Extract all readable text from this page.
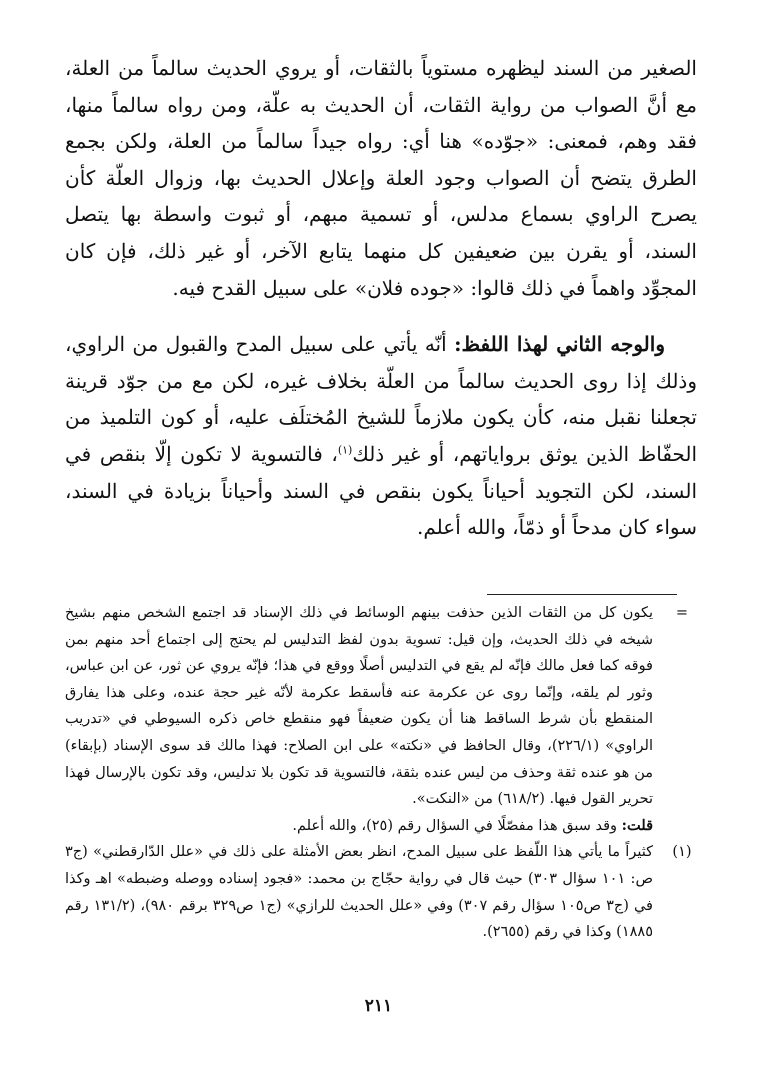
الصغير من السند ليظهره مستوياً بالثقات، أو يروي الحديث سالماً من العلة، مع أنَّ الصواب من رواية الثقات، أن الحديث به علّة، ومن رواه سالماً منها، فقد وهم، فمعنى: «جوّده» هنا أي: رواه جيداً سالماً من العلة، ولكن بجمع الطرق يتضح أن الصواب وجود العلة وإعلال الحديث بها، وزوال العلّة كأن يصرح الراوي بسماع مدلس، أو تسمية مبهم، أو ثبوت واسطة بها يتصل السند، أو يقرن بين ضعيفين كل منهما يتابع الآخر، أو غير ذلك، فإن كان المجوِّد واهماً في ذلك قالوا: «جوده فلان» على سبيل القدح فيه.

والوجه الثاني لهذا اللفظ: أنّه يأتي على سبيل المدح والقبول من الراوي، وذلك إذا روى الحديث سالماً من العلّة بخلاف غيره، لكن مع من جوّد قرينة تجعلنا نقبل منه، كأن يكون ملازماً للشيخ المُختلَف عليه، أو كون التلميذ من الحفّاظ الذين يوثق برواياتهم، أو غير ذلك$^{(١)}$، فالتسوية لا تكون إلّا بنقص في السند، لكن التجويد أحياناً يكون بنقص في السند وأحياناً بزيادة في السند، سواء كان مدحاً أو ذمّاً، والله أعلم.

=
يكون كل من الثقات الذين حذفت بينهم الوسائط في ذلك الإسناد قد اجتمع الشخص منهم بشيخ شيخه في ذلك الحديث، وإن قيل: تسوية بدون لفظ التدليس لم يحتج إلى اجتماع أحد منهم بمن فوقه كما فعل مالك فإنّه لم يقع في التدليس أصلًا ووقع في هذا؛ فإنّه يروي عن ثور، عن ابن عباس، وثور لم يلقه، وإنّما روى عن عكرمة عنه فأسقط عكرمة لأنّه غير حجة عنده، وعلى هذا يفارق المنقطع بأن شرط الساقط هنا أن يكون ضعيفاً فهو منقطع خاص ذكره السيوطي في «تدريب الراوي» (٢٢٦/١)، وقال الحافظ في «نكته» على ابن الصلاح: فهذا مالك قد سوى الإسناد (بإبقاء) من هو عنده ثقة وحذف من ليس عنده بثقة، فالتسوية قد تكون بلا تدليس، وقد تكون بالإرسال فهذا تحرير القول فيها. (٦١٨/٢) من «النكت».

قلت: وقد سبق هذا مفصّلًا في السؤال رقم (٢٥)، والله أعلم.

(١)
كثيراً ما يأتي هذا اللّفظ على سبيل المدح، انظر بعض الأمثلة على ذلك في «علل الدّارقطني» (ج٣ ص: ١٠١ سؤال ٣٠٣) حيث قال في رواية حجّاج بن محمد: «فجود إسناده ووصله وضبطه» اهـ وكذا في (ج٣ ص١٠٥ سؤال رقم ٣٠٧) وفي «علل الحديث للرازي» (ج١ ص٣٢٩ برقم ٩٨٠)، (١٣١/٢ رقم ١٨٨٥) وكذا في رقم (٢٦٥٥).

٢١١
